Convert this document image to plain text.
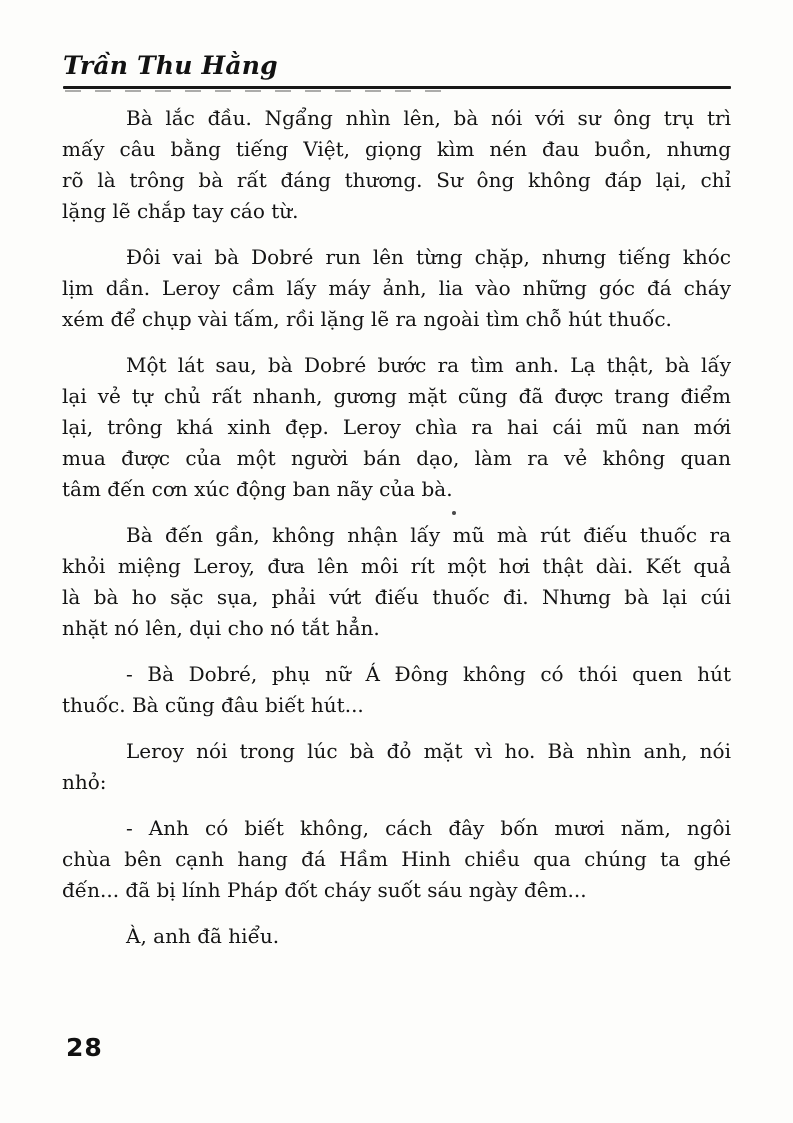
Trần Thu Hằng
Bà lắc đầu. Ngẩng nhìn lên, bà nói với sư ông trụ trì
mấy câu bằng tiếng Việt, giọng kìm nén đau buồn, nhưng
rõ là trông bà rất đáng thương. Sư ông không đáp lại, chỉ
lặng lẽ chắp tay cáo từ.
Đôi vai bà Dobré run lên từng chặp, nhưng tiếng khóc
lịm dần. Leroy cầm lấy máy ảnh, lia vào những góc đá cháy
xém để chụp vài tấm, rồi lặng lẽ ra ngoài tìm chỗ hút thuốc.
Một lát sau, bà Dobré bước ra tìm anh. Lạ thật, bà lấy
lại vẻ tự chủ rất nhanh, gương mặt cũng đã được trang điểm
lại, trông khá xinh đẹp. Leroy chìa ra hai cái mũ nan mới
mua được của một người bán dạo, làm ra vẻ không quan
tâm đến cơn xúc động ban nãy của bà.
Bà đến gần, không nhận lấy mũ mà rút điếu thuốc ra
khỏi miệng Leroy, đưa lên môi rít một hơi thật dài. Kết quả
là bà ho sặc sụa, phải vứt điếu thuốc đi. Nhưng bà lại cúi
nhặt nó lên, dụi cho nó tắt hẳn.
- Bà Dobré, phụ nữ Á Đông không có thói quen hút
thuốc. Bà cũng đâu biết hút...
Leroy nói trong lúc bà đỏ mặt vì ho. Bà nhìn anh, nói
nhỏ:
- Anh có biết không, cách đây bốn mươi năm, ngôi
chùa bên cạnh hang đá Hầm Hinh chiều qua chúng ta ghé
đến... đã bị lính Pháp đốt cháy suốt sáu ngày đêm...
À, anh đã hiểu.
28
